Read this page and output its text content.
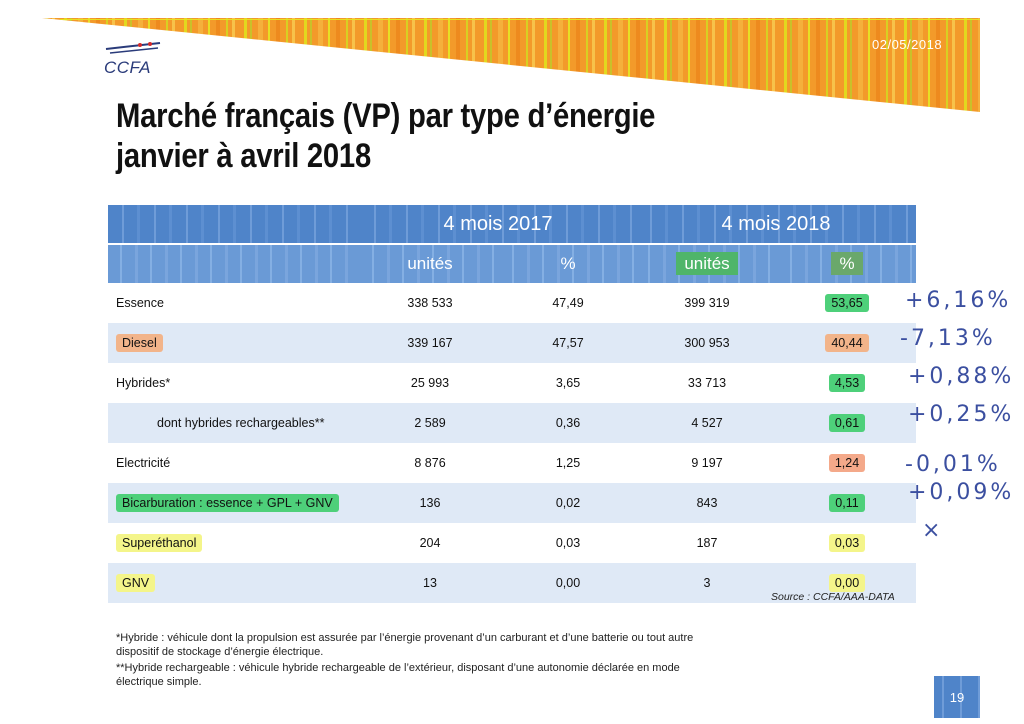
CCFA
02/05/2018
Marché français (VP) par type d’énergie
janvier à avril 2018
	4 mois 2017		4 mois 2018	
	unités	%	unités	%
Essence	338 533	47,49	399 319	53,65
Diesel	339 167	47,57	300 953	40,44
Hybrides*	25 993	3,65	33 713	4,53
dont hybrides rechargeables**	2 589	0,36	4 527	0,61
Electricité	8 876	1,25	9 197	1,24
Bicarburation : essence + GPL + GNV	136	0,02	843	0,11
Superéthanol	204	0,03	187	0,03
GNV	13	0,00	3	0,00
+6,16%
-7,13%
+0,88%
+0,25%
-0,01%
+0,09%
×
Source : CCFA/AAA-DATA

*Hybride : véhicule dont la propulsion est assurée par l’énergie provenant d’un carburant et d’une batterie ou tout autre dispositif de stockage d’énergie électrique.

**Hybride rechargeable : véhicule hybride rechargeable de l’extérieur, disposant d’une autonomie déclarée en mode électrique simple.

19
